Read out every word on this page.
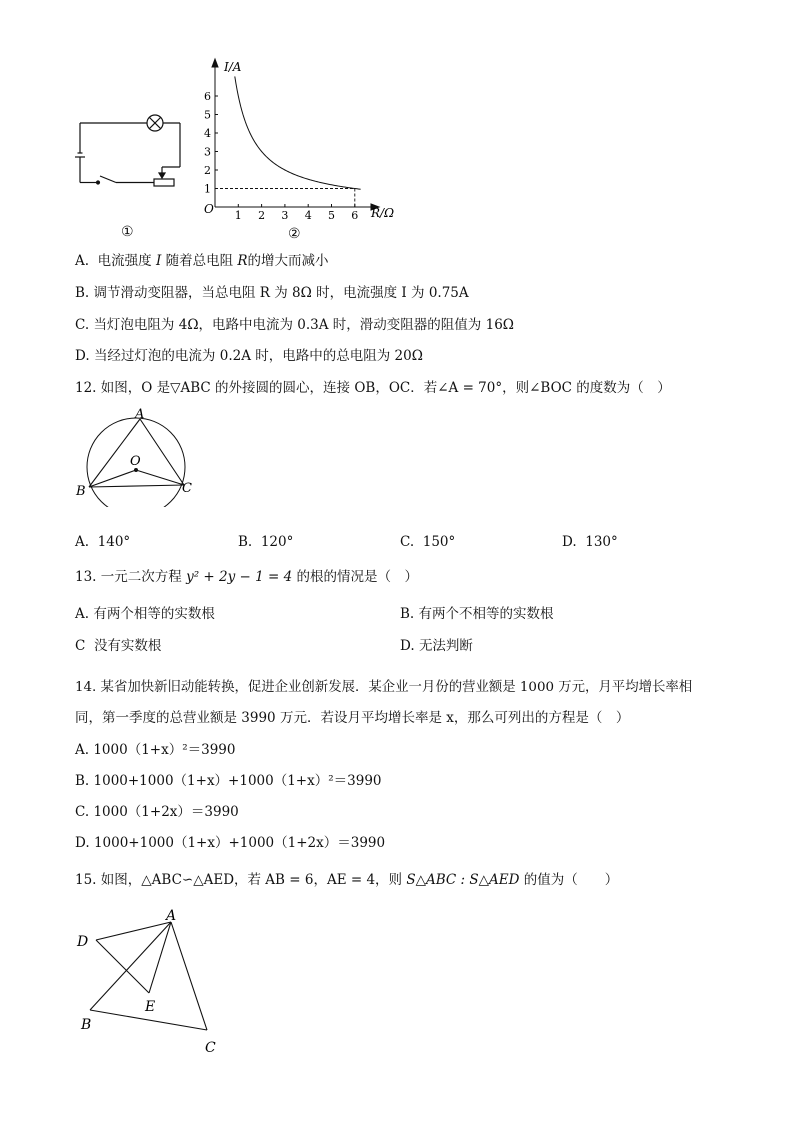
①
1 2 3 4 5 6
1
2
3
4
5
6
I/A
R/Ω
O
②
A. 电流强度 I 随着总电阻 R的增大而减小
B. 调节滑动变阻器，当总电阻 R 为 8Ω 时，电流强度 I 为 0.75A
C. 当灯泡电阻为 4Ω，电路中电流为 0.3A 时，滑动变阻器的阻值为 16Ω
D. 当经过灯泡的电流为 0.2A 时，电路中的总电阻为 20Ω
12. 如图，O 是▽ABC 的外接圆的圆心，连接 OB，OC．若∠A = 70°，则∠BOC 的度数为（　）
A
B	C
O
A. 140°	B. 120°	C. 150°	D. 130°
13. 一元二次方程 y² + 2y − 1 = 4 的根的情况是（　）
A. 有两个相等的实数根	B. 有两个不相等的实数根
C 没有实数根	D. 无法判断
14. 某省加快新旧动能转换，促进企业创新发展．某企业一月份的营业额是 1000 万元，月平均增长率相
同，第一季度的总营业额是 3990 万元．若设月平均增长率是 x，那么可列出的方程是（　）
A. 1000（1+x）²＝3990
B. 1000+1000（1+x）+1000（1+x）²＝3990
C. 1000（1+2x）＝3990
D. 1000+1000（1+x）+1000（1+2x）＝3990
15. 如图，△ABC∽△AED，若 AB = 6，AE = 4，则 S△ABC : S△AED 的值为（　　）
A
D
B
C
E
